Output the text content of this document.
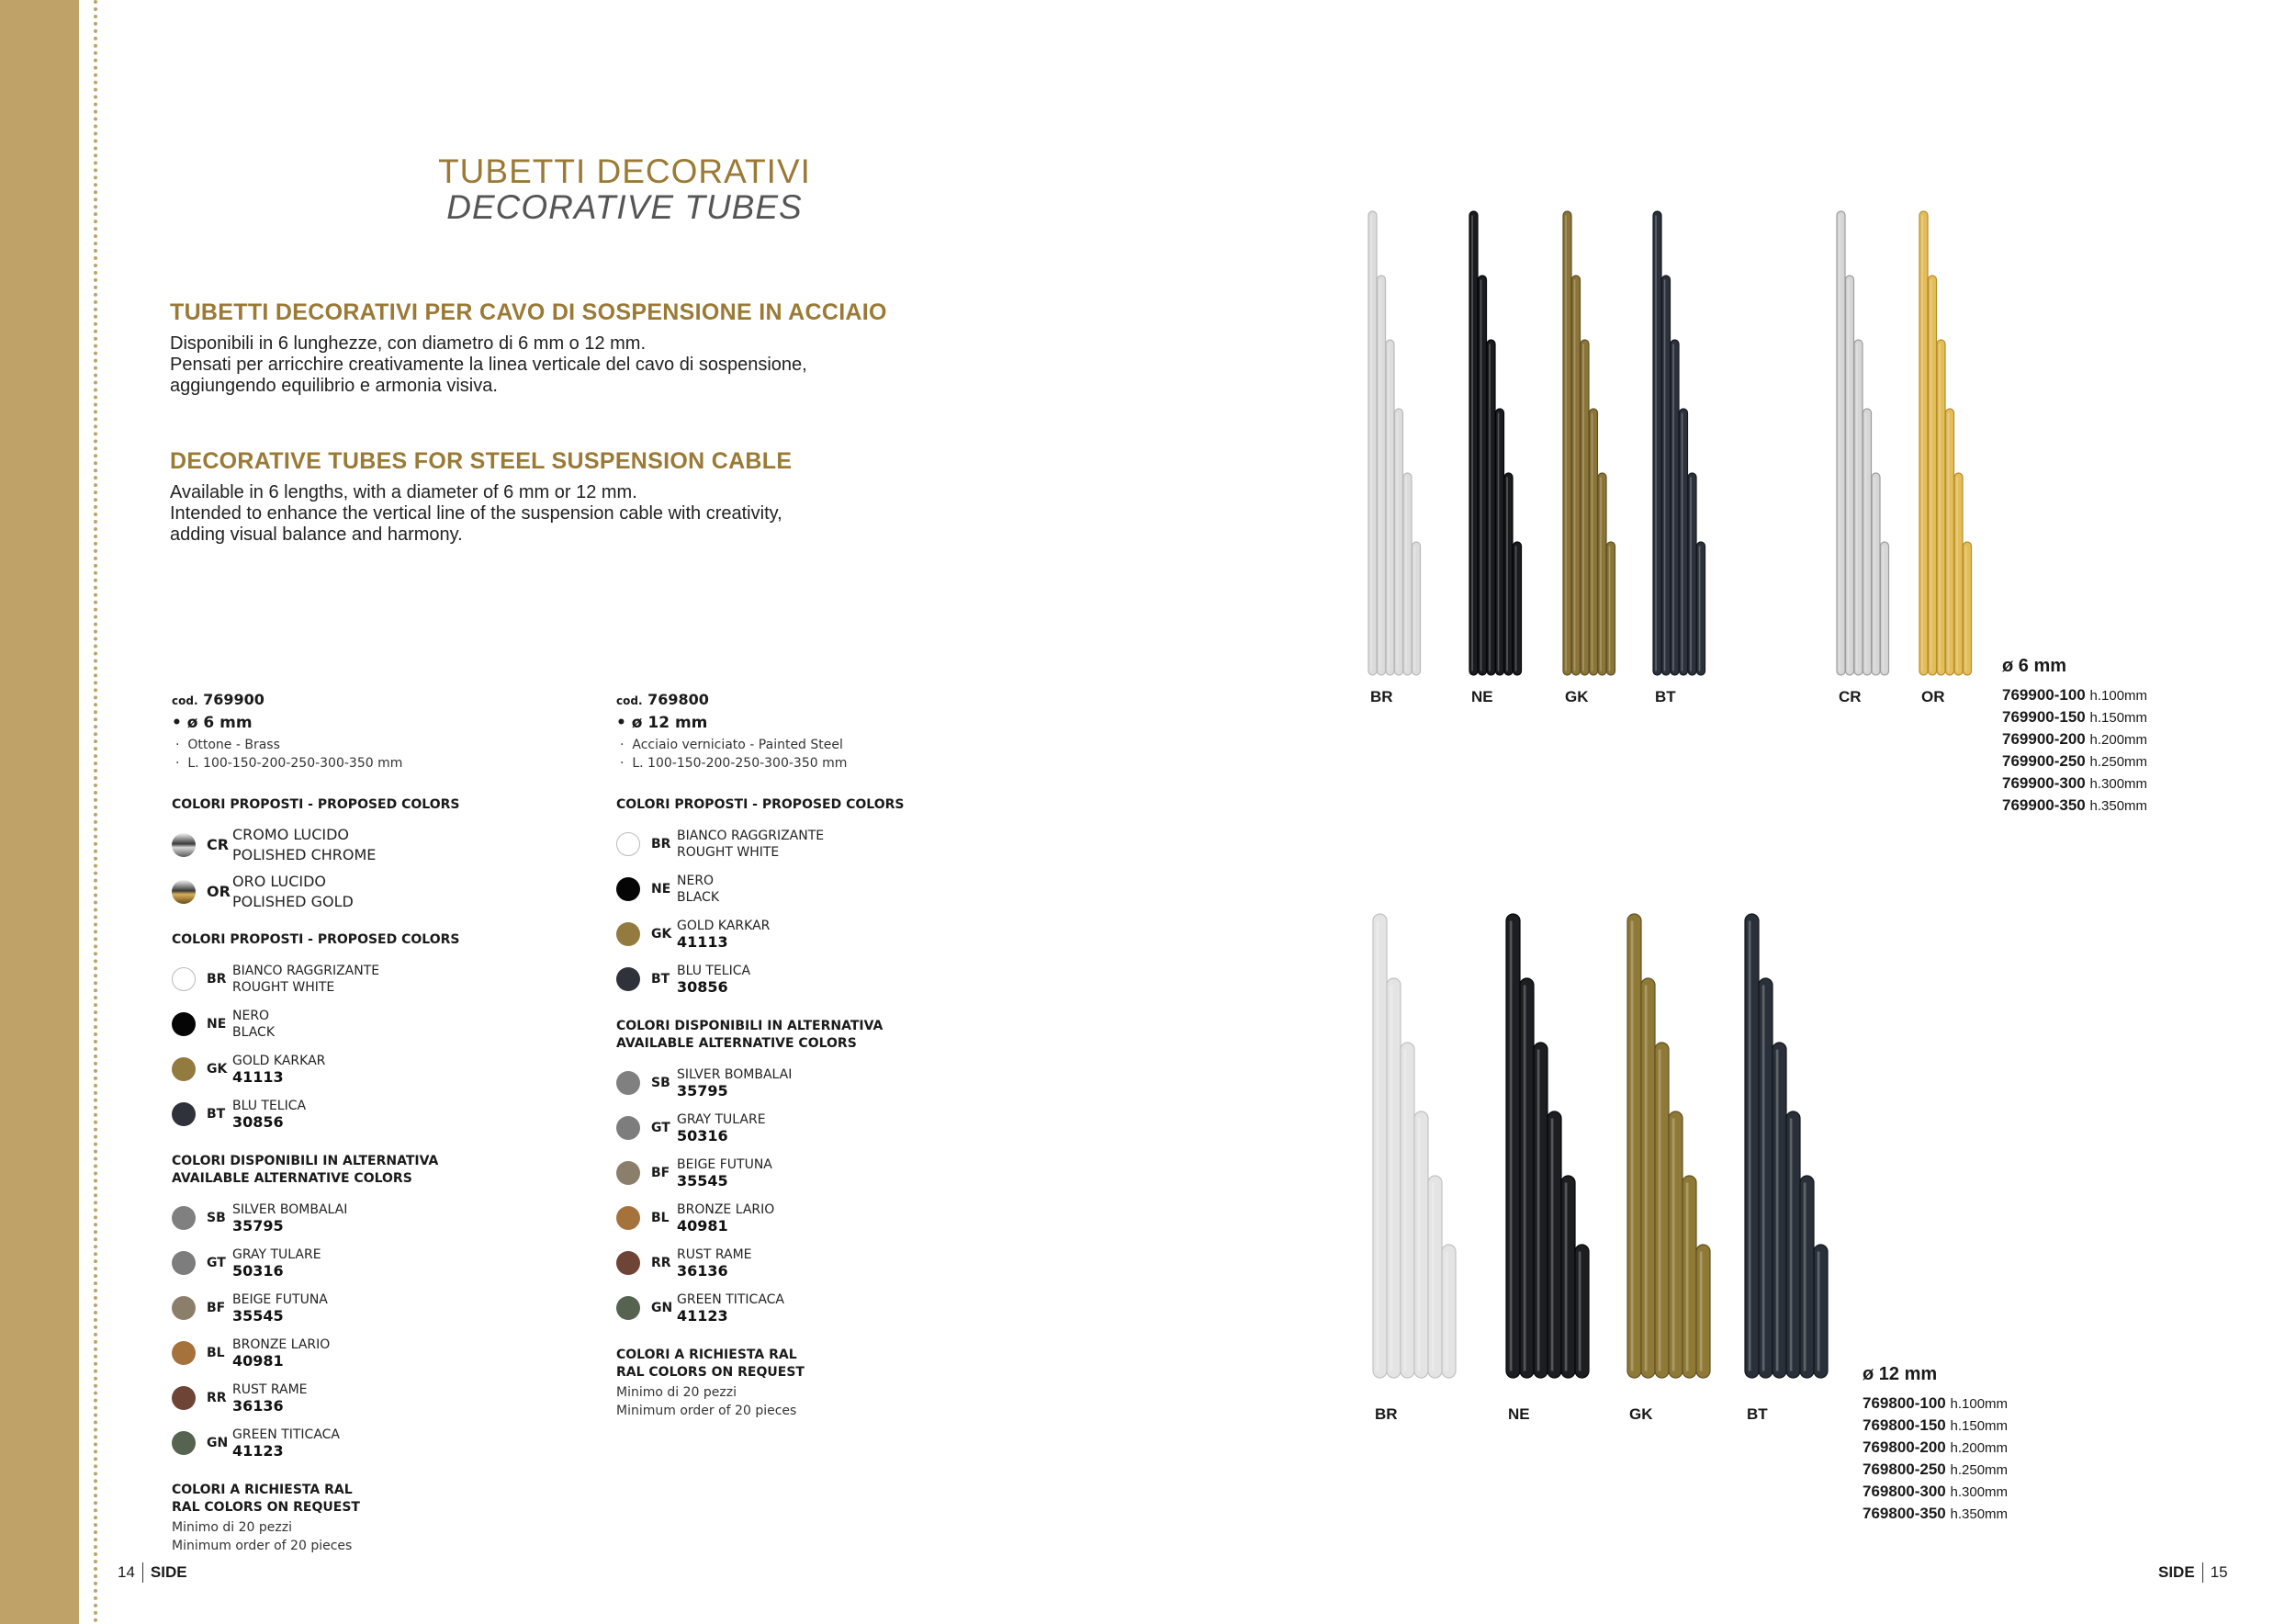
TUBETTI DECORATIVI
DECORATIVE TUBES
TUBETTI DECORATIVI PER CAVO DI SOSPENSIONE IN ACCIAIO

Disponibili in 6 lunghezze, con diametro di 6 mm o 12 mm.

Pensati per arricchire creativamente la linea verticale del cavo di sospensione,

aggiungendo equilibrio e armonia visiva.

DECORATIVE TUBES FOR STEEL SUSPENSION CABLE

Available in 6 lengths, with a diameter of 6 mm or 12 mm.

Intended to enhance the vertical line of the suspension cable with creativity,

adding visual balance and harmony.

cod. 769900
• ø 6 mm
·  Ottone - Brass
·  L. 100-150-200-250-300-350 mm
COLORI PROPOSTI - PROPOSED COLORS
CR
CROMO LUCIDO
POLISHED CHROME
OR
ORO LUCIDO
POLISHED GOLD
COLORI PROPOSTI - PROPOSED COLORS
BR
BIANCO RAGGRIZANTE
ROUGHT WHITE
NE
NERO
BLACK
GK
GOLD KARKAR
41113
BT
BLU TELICA
30856
COLORI DISPONIBILI IN ALTERNATIVA
AVAILABLE ALTERNATIVE COLORS
SB
SILVER BOMBALAI
35795
GT
GRAY TULARE
50316
BF
BEIGE FUTUNA
35545
BL
BRONZE LARIO
40981
RR
RUST RAME
36136
GN
GREEN TITICACA
41123
COLORI A RICHIESTA RAL
RAL COLORS ON REQUEST
Minimo di 20 pezzi
Minimum order of 20 pieces
cod. 769800
• ø 12 mm
·  Acciaio verniciato - Painted Steel
·  L. 100-150-200-250-300-350 mm
COLORI PROPOSTI - PROPOSED COLORS
BR
BIANCO RAGGRIZANTE
ROUGHT WHITE
NE
NERO
BLACK
GK
GOLD KARKAR
41113
BT
BLU TELICA
30856
COLORI DISPONIBILI IN ALTERNATIVA
AVAILABLE ALTERNATIVE COLORS
SB
SILVER BOMBALAI
35795
GT
GRAY TULARE
50316
BF
BEIGE FUTUNA
35545
BL
BRONZE LARIO
40981
RR
RUST RAME
36136
GN
GREEN TITICACA
41123
COLORI A RICHIESTA RAL
RAL COLORS ON REQUEST
Minimo di 20 pezzi
Minimum order of 20 pieces
BR	NE	GK	BT	CR	OR
BR	NE	GK	BT
ø 6 mm
769900-100 h.100mm
769900-150 h.150mm
769900-200 h.200mm
769900-250 h.250mm
769900-300 h.300mm
769900-350 h.350mm
ø 12 mm
769800-100 h.100mm
769800-150 h.150mm
769800-200 h.200mm
769800-250 h.250mm
769800-300 h.300mm
769800-350 h.350mm
14 SIDE	SIDE 15
